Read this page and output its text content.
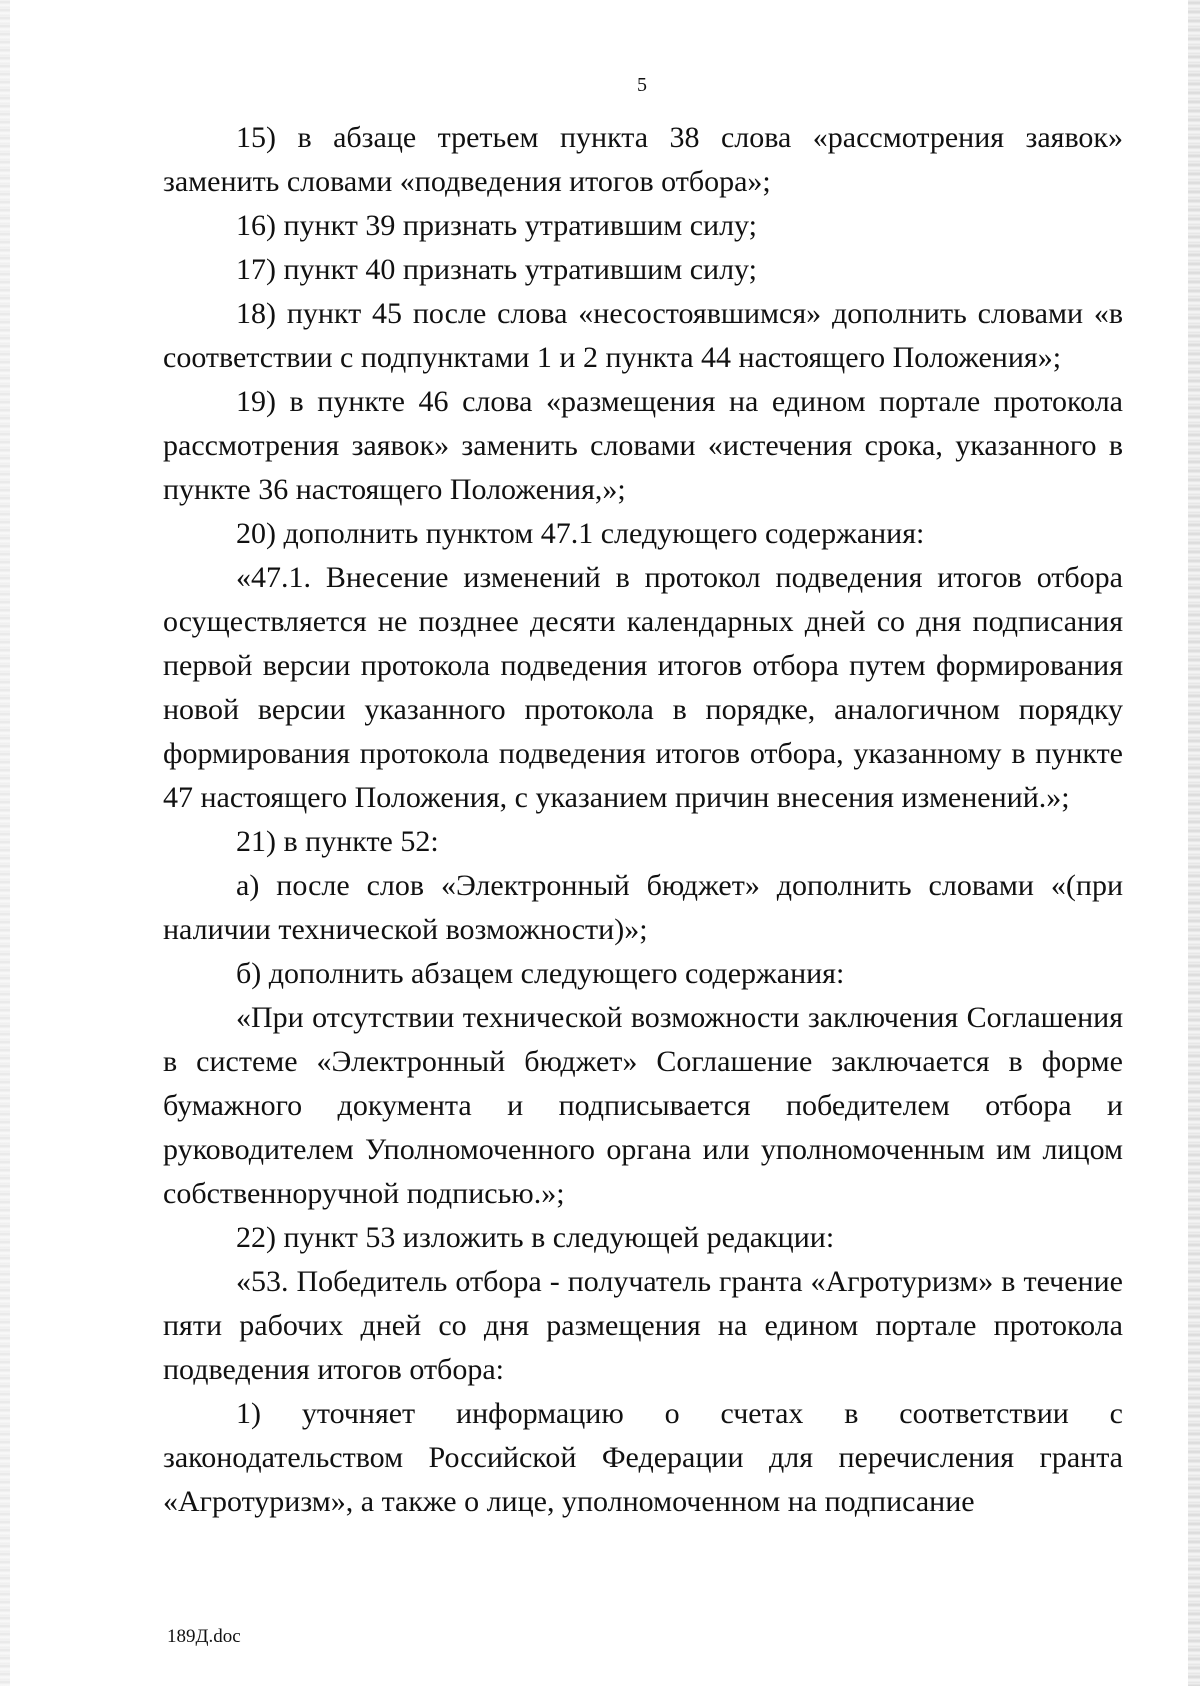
5

15) в абзаце третьем пункта 38 слова «рассмотрения заявок» заменить словами «подведения итогов отбора»;

16) пункт 39 признать утратившим силу;

17) пункт 40 признать утратившим силу;

18) пункт 45 после слова «несостоявшимся» дополнить словами «в соответствии с подпунктами 1 и 2 пункта 44 настоящего Положения»;

19) в пункте 46 слова «размещения на едином портале протокола рассмотрения заявок» заменить словами «истечения срока, указанного в пункте 36 настоящего Положения,»;

20) дополнить пунктом 47.1 следующего содержания:

«47.1. Внесение изменений в протокол подведения итогов отбора осуществляется не позднее десяти календарных дней со дня подписания первой версии протокола подведения итогов отбора путем формирования новой версии указанного протокола в порядке, аналогичном порядку формирования протокола подведения итогов отбора, указанному в пункте 47 настоящего Положения, с указанием причин внесения изменений.»;

21) в пункте 52:

а) после слов «Электронный бюджет» дополнить словами «(при наличии технической возможности)»;

б) дополнить абзацем следующего содержания:

«При отсутствии технической возможности заключения Соглашения в системе «Электронный бюджет» Соглашение заключается в форме бумажного документа и подписывается победителем отбора и руководителем Уполномоченного органа или уполномоченным им лицом собственноручной подписью.»;

22) пункт 53 изложить в следующей редакции:

«53. Победитель отбора - получатель гранта «Агротуризм» в течение пяти рабочих дней со дня размещения на едином портале протокола подведения итогов отбора:

1) уточняет информацию о счетах в соответствии с законодательством Российской Федерации для перечисления гранта «Агротуризм», а также о лице, уполномоченном на подписание

189Д.doc
